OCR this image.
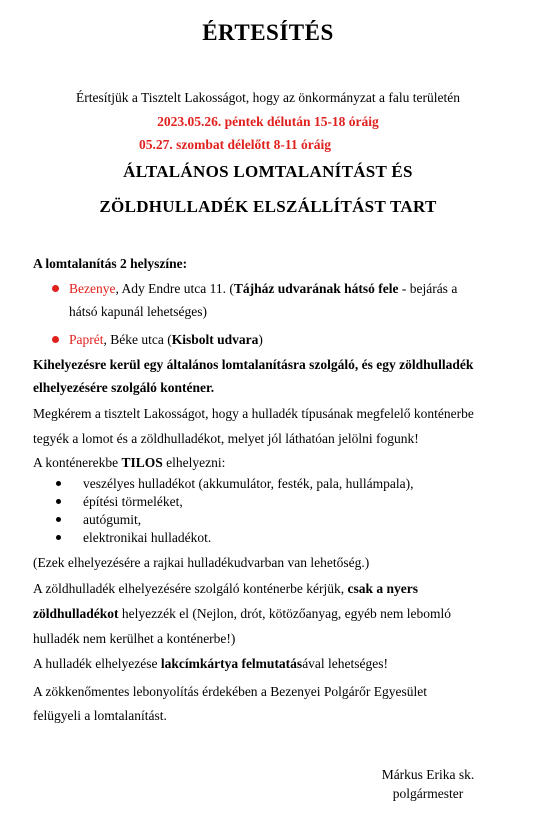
ÉRTESÍTÉS
Értesítjük a Tisztelt Lakosságot, hogy az önkormányzat a falu területén
2023.05.26. péntek délután 15-18 óráig
05.27. szombat délelőtt 8-11 óráig
ÁLTALÁNOS LOMTALANÍTÁST ÉS
ZÖLDHULLADÉK ELSZÁLLÍTÁST TART
A lomtalanítás 2 helyszíne:
Bezenye, Ady Endre utca 11. (Tájház udvarának hátsó fele - bejárás a
hátsó kapunál lehetséges)
Paprét, Béke utca (Kisbolt udvara)
Kihelyezésre kerül egy általános lomtalanításra szolgáló, és egy zöldhulladék
elhelyezésére szolgáló konténer.
Megkérem a tisztelt Lakosságot, hogy a hulladék típusának megfelelő konténerbe
tegyék a lomot és a zöldhulladékot, melyet jól láthatóan jelölni fogunk!
A konténerekbe TILOS elhelyezni:
veszélyes hulladékot (akkumulátor, festék, pala, hullámpala),
építési törmeléket,
autógumit,
elektronikai hulladékot.
(Ezek elhelyezésére a rajkai hulladékudvarban van lehetőség.)
A zöldhulladék elhelyezésére szolgáló konténerbe kérjük, csak a nyers
zöldhulladékot helyezzék el (Nejlon, drót, kötözőanyag, egyéb nem lebomló
hulladék nem kerülhet a konténerbe!)
A hulladék elhelyezése lakcímkártya felmutatásával lehetséges!
A zökkenőmentes lebonyolítás érdekében a Bezenyei Polgárőr Egyesület
felügyeli a lomtalanítást.
Márkus Erika sk.
polgármester
